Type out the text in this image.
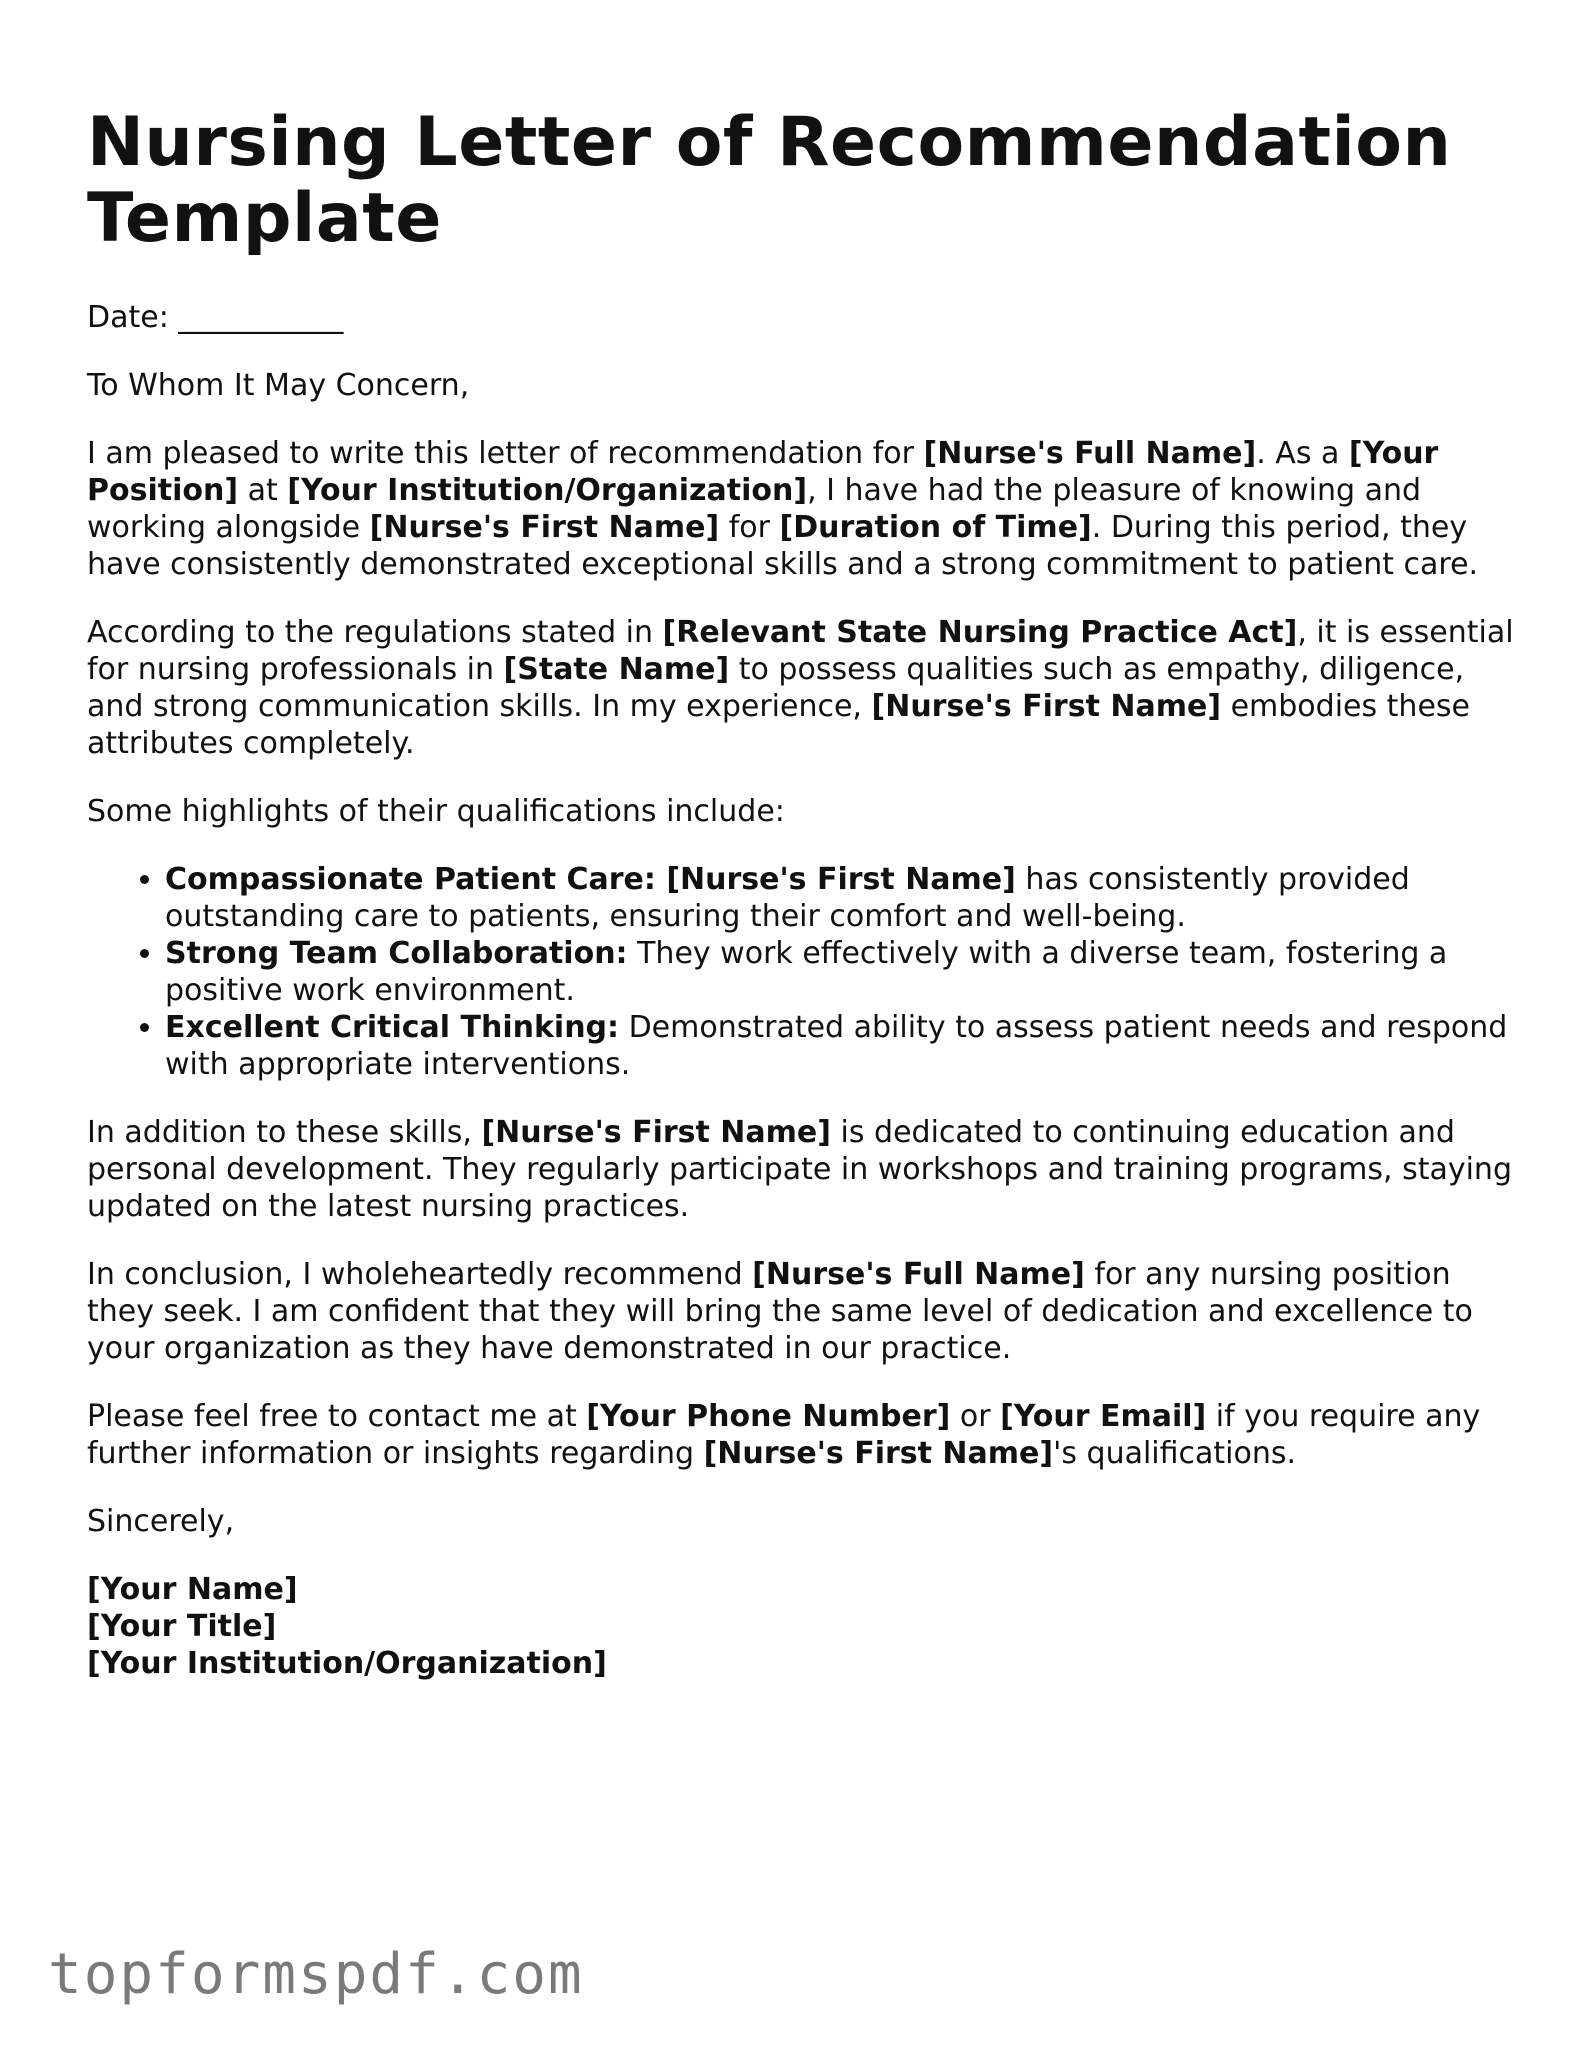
Nursing Letter of Recommendation Template

Date: ___________

To Whom It May Concern,

I am pleased to write this letter of recommendation for [Nurse's Full Name]. As a [Your Position] at [Your Institution/Organization], I have had the pleasure of knowing and working alongside [Nurse's First Name] for [Duration of Time]. During this period, they have consistently demonstrated exceptional skills and a strong commitment to patient care.

According to the regulations stated in [Relevant State Nursing Practice Act], it is essential for nursing professionals in [State Name] to possess qualities such as empathy, diligence, and strong communication skills. In my experience, [Nurse's First Name] embodies these attributes completely.

Some highlights of their qualifications include:

• Compassionate Patient Care: [Nurse's First Name] has consistently provided outstanding care to patients, ensuring their comfort and well-being.
• Strong Team Collaboration: They work effectively with a diverse team, fostering a positive work environment.
• Excellent Critical Thinking: Demonstrated ability to assess patient needs and respond with appropriate interventions.

In addition to these skills, [Nurse's First Name] is dedicated to continuing education and personal development. They regularly participate in workshops and training programs, staying updated on the latest nursing practices.

In conclusion, I wholeheartedly recommend [Nurse's Full Name] for any nursing position they seek. I am confident that they will bring the same level of dedication and excellence to your organization as they have demonstrated in our practice.

Please feel free to contact me at [Your Phone Number] or [Your Email] if you require any further information or insights regarding [Nurse's First Name]'s qualifications.

Sincerely,

[Your Name]
[Your Title]
[Your Institution/Organization]
topformspdf.com
